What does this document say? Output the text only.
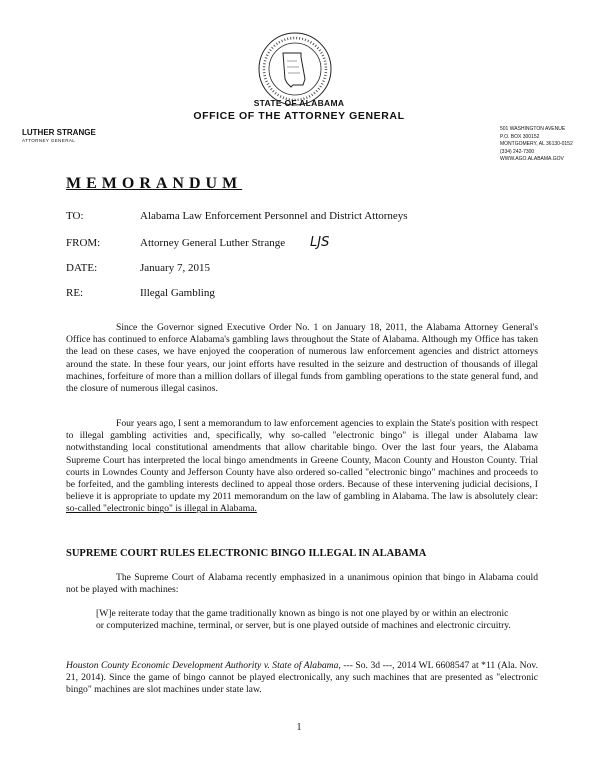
STATE OF ALABAMA
OFFICE OF THE ATTORNEY GENERAL
LUTHER STRANGE
ATTORNEY GENERAL
501 WASHINGTON AVENUE
P.O. BOX 300152
MONTGOMERY, AL 36130-0152
(334) 242-7300
WWW.AGO.ALABAMA.GOV
MEMORANDUM
TO:	Alabama Law Enforcement Personnel and District Attorneys
FROM:	Attorney General Luther Strange LJS
DATE:	January 7, 2015
RE:	Illegal Gambling

Since the Governor signed Executive Order No. 1 on January 18, 2011, the Alabama Attorney General's Office has continued to enforce Alabama's gambling laws throughout the State of Alabama. Although my Office has taken the lead on these cases, we have enjoyed the cooperation of numerous law enforcement agencies and district attorneys around the state. In these four years, our joint efforts have resulted in the seizure and destruction of thousands of illegal machines, forfeiture of more than a million dollars of illegal funds from gambling operations to the state general fund, and the closure of numerous illegal casinos.

Four years ago, I sent a memorandum to law enforcement agencies to explain the State's position with respect to illegal gambling activities and, specifically, why so-called "electronic bingo" is illegal under Alabama law notwithstanding local constitutional amendments that allow charitable bingo. Over the last four years, the Alabama Supreme Court has interpreted the local bingo amendments in Greene County, Macon County and Houston County. Trial courts in Lowndes County and Jefferson County have also ordered so-called "electronic bingo" machines and proceeds to be forfeited, and the gambling interests declined to appeal those orders. Because of these intervening judicial decisions, I believe it is appropriate to update my 2011 memorandum on the law of gambling in Alabama. The law is absolutely clear: so-called "electronic bingo" is illegal in Alabama.

SUPREME COURT RULES ELECTRONIC BINGO ILLEGAL IN ALABAMA

The Supreme Court of Alabama recently emphasized in a unanimous opinion that bingo in Alabama could not be played with machines:

[W]e reiterate today that the game traditionally known as bingo is not one played by or within an electronic or computerized machine, terminal, or server, but is one played outside of machines and electronic circuitry.
Houston County Economic Development Authority v. State of Alabama, --- So. 3d ---, 2014 WL 6608547 at *11 (Ala. Nov. 21, 2014). Since the game of bingo cannot be played electronically, any such machines that are presented as "electronic bingo" machines are slot machines under state law.
1
